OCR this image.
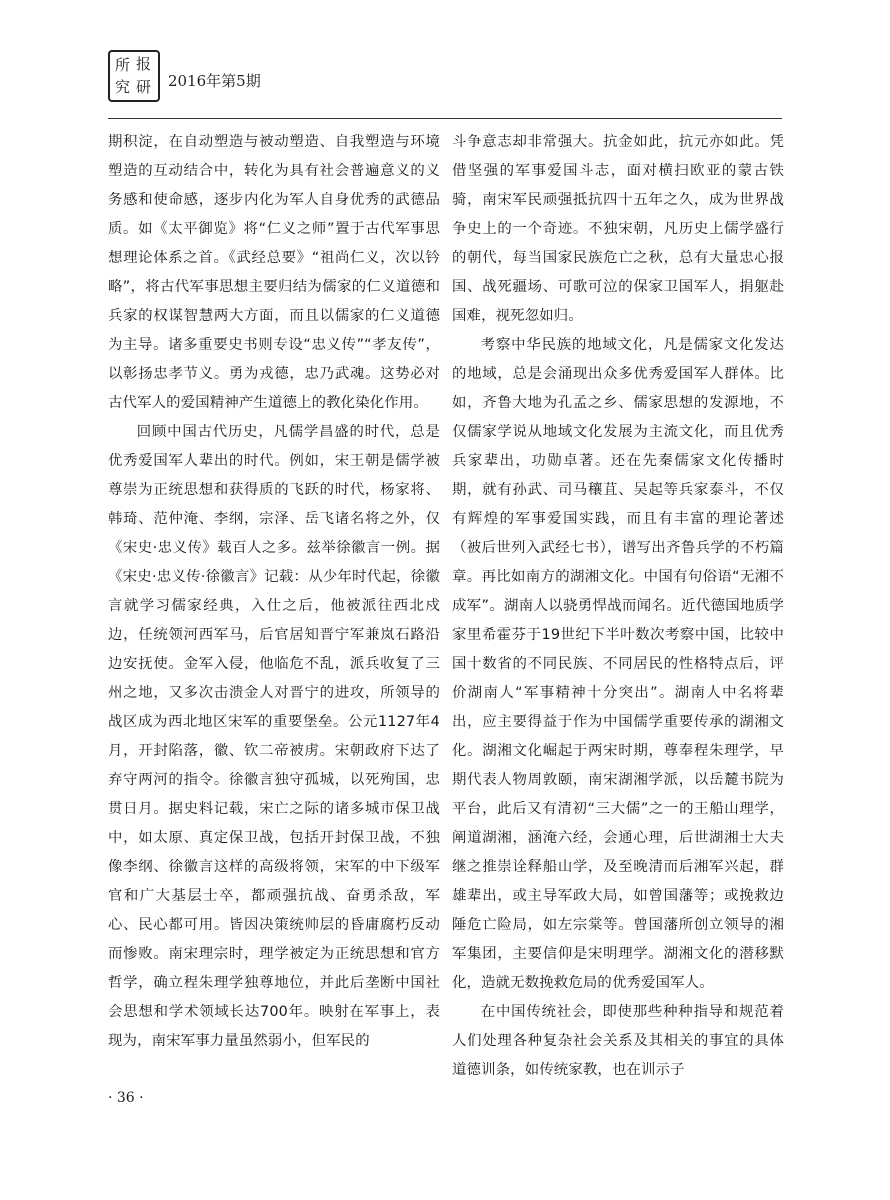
所 报
究 研 2016年第5期

期积淀，在自动塑造与被动塑造、自我塑造与环境塑造的互动结合中，转化为具有社会普遍意义的义务感和使命感，逐步内化为军人自身优秀的武德品质。如《太平御览》将“仁义之师”置于古代军事思想理论体系之首。《武经总要》“祖尚仁义，次以钤略”，将古代军事思想主要归结为儒家的仁义道德和兵家的权谋智慧两大方面，而且以儒家的仁义道德为主导。诸多重要史书则专设“忠义传”“孝友传”，以彰扬忠孝节义。勇为戎德，忠乃武魂。这势必对古代军人的爱国精神产生道德上的教化染化作用。

回顾中国古代历史，凡儒学昌盛的时代，总是优秀爱国军人辈出的时代。例如，宋王朝是儒学被尊崇为正统思想和获得质的飞跃的时代，杨家将、韩琦、范仲淹、李纲，宗泽、岳飞诸名将之外，仅《宋史·忠义传》载百人之多。兹举徐徽言一例。据《宋史·忠义传·徐徽言》记载：从少年时代起，徐徽言就学习儒家经典，入仕之后，他被派往西北戍边，任统领河西军马，后官居知晋宁军兼岚石路沿边安抚使。金军入侵，他临危不乱，派兵收复了三州之地，又多次击溃金人对晋宁的进攻，所领导的战区成为西北地区宋军的重要堡垒。公元1127年4月，开封陷落，徽、钦二帝被虏。宋朝政府下达了弃守两河的指令。徐徽言独守孤城，以死殉国，忠贯日月。据史料记载，宋亡之际的诸多城市保卫战中，如太原、真定保卫战，包括开封保卫战，不独像李纲、徐徽言这样的高级将领，宋军的中下级军官和广大基层士卒，都顽强抗战、奋勇杀敌，军心、民心都可用。皆因决策统帅层的昏庸腐朽反动而惨败。南宋理宗时，理学被定为正统思想和官方哲学，确立程朱理学独尊地位，并此后垄断中国社会思想和学术领域长达700年。映射在军事上，表现为，南宋军事力量虽然弱小，但军民的

斗争意志却非常强大。抗金如此，抗元亦如此。凭借坚强的军事爱国斗志，面对横扫欧亚的蒙古铁骑，南宋军民顽强抵抗四十五年之久，成为世界战争史上的一个奇迹。不独宋朝，凡历史上儒学盛行的朝代，每当国家民族危亡之秋，总有大量忠心报国、战死疆场、可歌可泣的保家卫国军人，捐躯赴国难，视死忽如归。

考察中华民族的地域文化，凡是儒家文化发达的地域，总是会涌现出众多优秀爱国军人群体。比如，齐鲁大地为孔孟之乡、儒家思想的发源地，不仅儒家学说从地域文化发展为主流文化，而且优秀兵家辈出，功勋卓著。还在先秦儒家文化传播时期，就有孙武、司马穰苴、吴起等兵家泰斗，不仅有辉煌的军事爱国实践，而且有丰富的理论著述（被后世列入武经七书），谱写出齐鲁兵学的不朽篇章。再比如南方的湖湘文化。中国有句俗语“无湘不成军”。湖南人以骁勇悍战而闻名。近代德国地质学家里希霍芬于19世纪下半叶数次考察中国，比较中国十数省的不同民族、不同居民的性格特点后，评价湖南人“军事精神十分突出”。湖南人中名将辈出，应主要得益于作为中国儒学重要传承的湖湘文化。湖湘文化崛起于两宋时期，尊奉程朱理学，早期代表人物周敦颐，南宋湖湘学派，以岳麓书院为平台，此后又有清初“三大儒”之一的王船山理学，阐道湖湘，涵淹六经，会通心理，后世湖湘士大夫继之推崇诠释船山学，及至晚清而后湘军兴起，群雄辈出，或主导军政大局，如曾国藩等；或挽救边陲危亡险局，如左宗棠等。曾国藩所创立领导的湘军集团，主要信仰是宋明理学。湖湘文化的潜移默化，造就无数挽救危局的优秀爱国军人。

在中国传统社会，即使那些种种指导和规范着人们处理各种复杂社会关系及其相关的事宜的具体道德训条，如传统家教，也在训示子

· 36 ·
